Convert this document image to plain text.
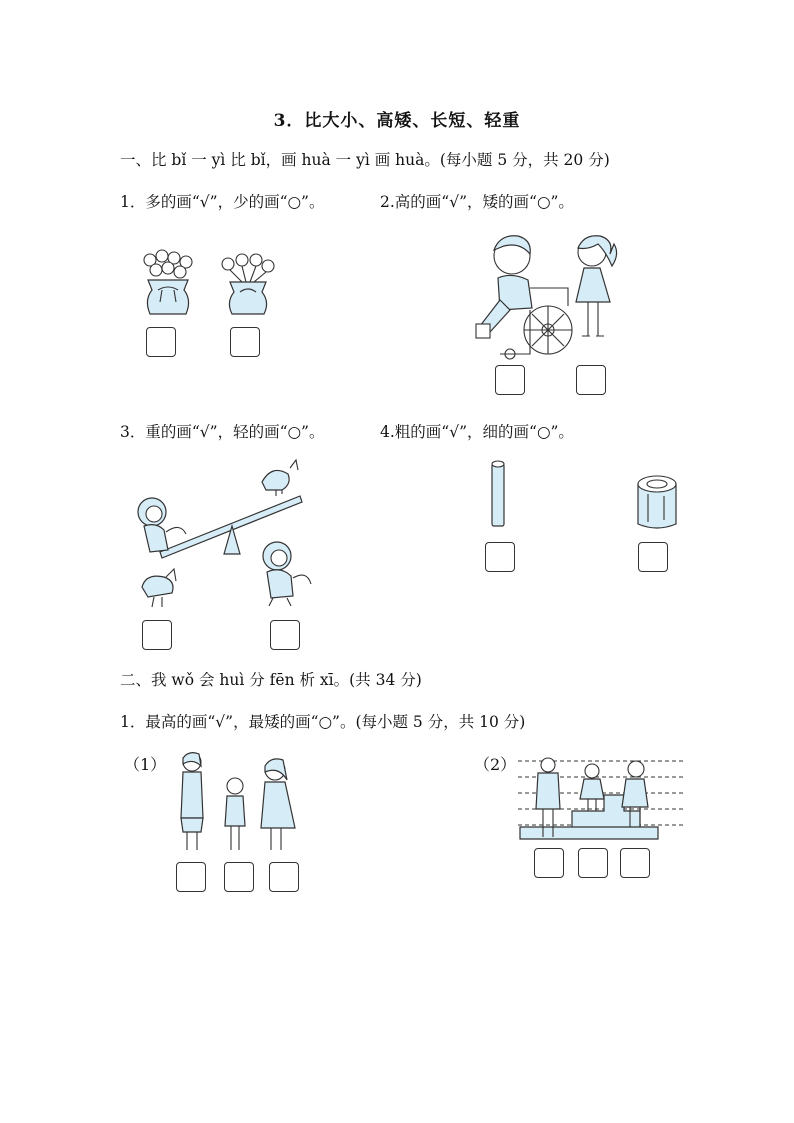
3．比大小、高矮、长短、轻重
一、比 bǐ 一 yì 比 bǐ，画 huà 一 yì 画 huà。(每小题 5 分，共 20 分)
1．多的画“√”，少的画“○”。	2.高的画“√”，矮的画“○”。
3．重的画“√”，轻的画“○”。	4.粗的画“√”，细的画“○”。
二、我 wǒ 会 huì 分 fēn 析 xī。(共 34 分)
1．最高的画“√”，最矮的画“○”。(每小题 5 分，共 10 分)
（1）	（2）
